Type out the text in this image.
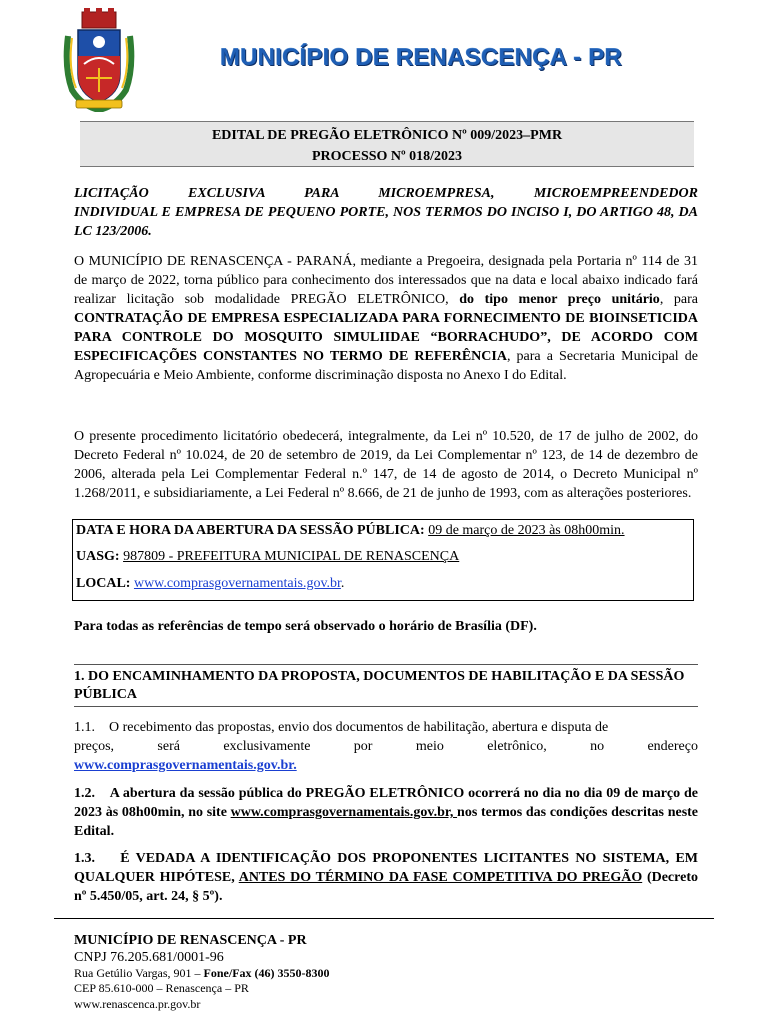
MUNICÍPIO DE RENASCENÇA - PR
EDITAL DE PREGÃO ELETRÔNICO Nº 009/2023–PMR
PROCESSO Nº 018/2023
LICITAÇÃO EXCLUSIVA PARA MICROEMPRESA, MICROEMPREENDEDOR
INDIVIDUAL E EMPRESA DE PEQUENO PORTE, NOS TERMOS DO INCISO I, DO ARTIGO 48, DA LC 123/2006.
O MUNICÍPIO DE RENASCENÇA - PARANÁ, mediante a Pregoeira, designada pela Portaria nº 114 de 31 de março de 2022, torna público para conhecimento dos interessados que na data e local abaixo indicado fará realizar licitação sob modalidade PREGÃO ELETRÔNICO, do tipo menor preço unitário, para CONTRATAÇÃO DE EMPRESA ESPECIALIZADA PARA FORNECIMENTO DE BIOINSETICIDA PARA CONTROLE DO MOSQUITO SIMULIIDAE “BORRACHUDO”, DE ACORDO COM ESPECIFICAÇÕES CONSTANTES NO TERMO DE REFERÊNCIA, para a Secretaria Municipal de Agropecuária e Meio Ambiente, conforme discriminação disposta no Anexo I do Edital.
O presente procedimento licitatório obedecerá, integralmente, da Lei nº 10.520, de 17 de julho de 2002, do Decreto Federal nº 10.024, de 20 de setembro de 2019, da Lei Complementar nº 123, de 14 de dezembro de 2006, alterada pela Lei Complementar Federal n.º 147, de 14 de agosto de 2014, o Decreto Municipal nº 1.268/2011, e subsidiariamente, a Lei Federal nº 8.666, de 21 de junho de 1993, com as alterações posteriores.
DATA E HORA DA ABERTURA DA SESSÃO PÚBLICA: 09 de março de 2023 às 08h00min.
UASG: 987809 - PREFEITURA MUNICIPAL DE RENASCENÇA
LOCAL: www.comprasgovernamentais.gov.br.
Para todas as referências de tempo será observado o horário de Brasília (DF).
1. DO ENCAMINHAMENTO DA PROPOSTA, DOCUMENTOS DE HABILITAÇÃO E DA SESSÃO PÚBLICA
1.1.    O recebimento das propostas, envio dos documentos de habilitação, abertura e disputa de
preços,	será	exclusivamente	por	meio	eletrônico,	no	endereço
www.comprasgovernamentais.gov.br.
1.2.    A abertura da sessão pública do PREGÃO ELETRÔNICO ocorrerá no dia no dia 09 de março de 2023 às 08h00min, no site www.comprasgovernamentais.gov.br, nos termos das condições descritas neste Edital.
1.3.    É VEDADA A IDENTIFICAÇÃO DOS PROPONENTES LICITANTES NO SISTEMA, EM QUALQUER HIPÓTESE, ANTES DO TÉRMINO DA FASE COMPETITIVA DO PREGÃO (Decreto nº 5.450/05, art. 24, § 5º).
MUNICÍPIO DE RENASCENÇA - PR
CNPJ 76.205.681/0001-96
Rua Getúlio Vargas, 901 – Fone/Fax (46) 3550-8300
CEP 85.610-000 – Renascença – PR
www.renascenca.pr.gov.br
